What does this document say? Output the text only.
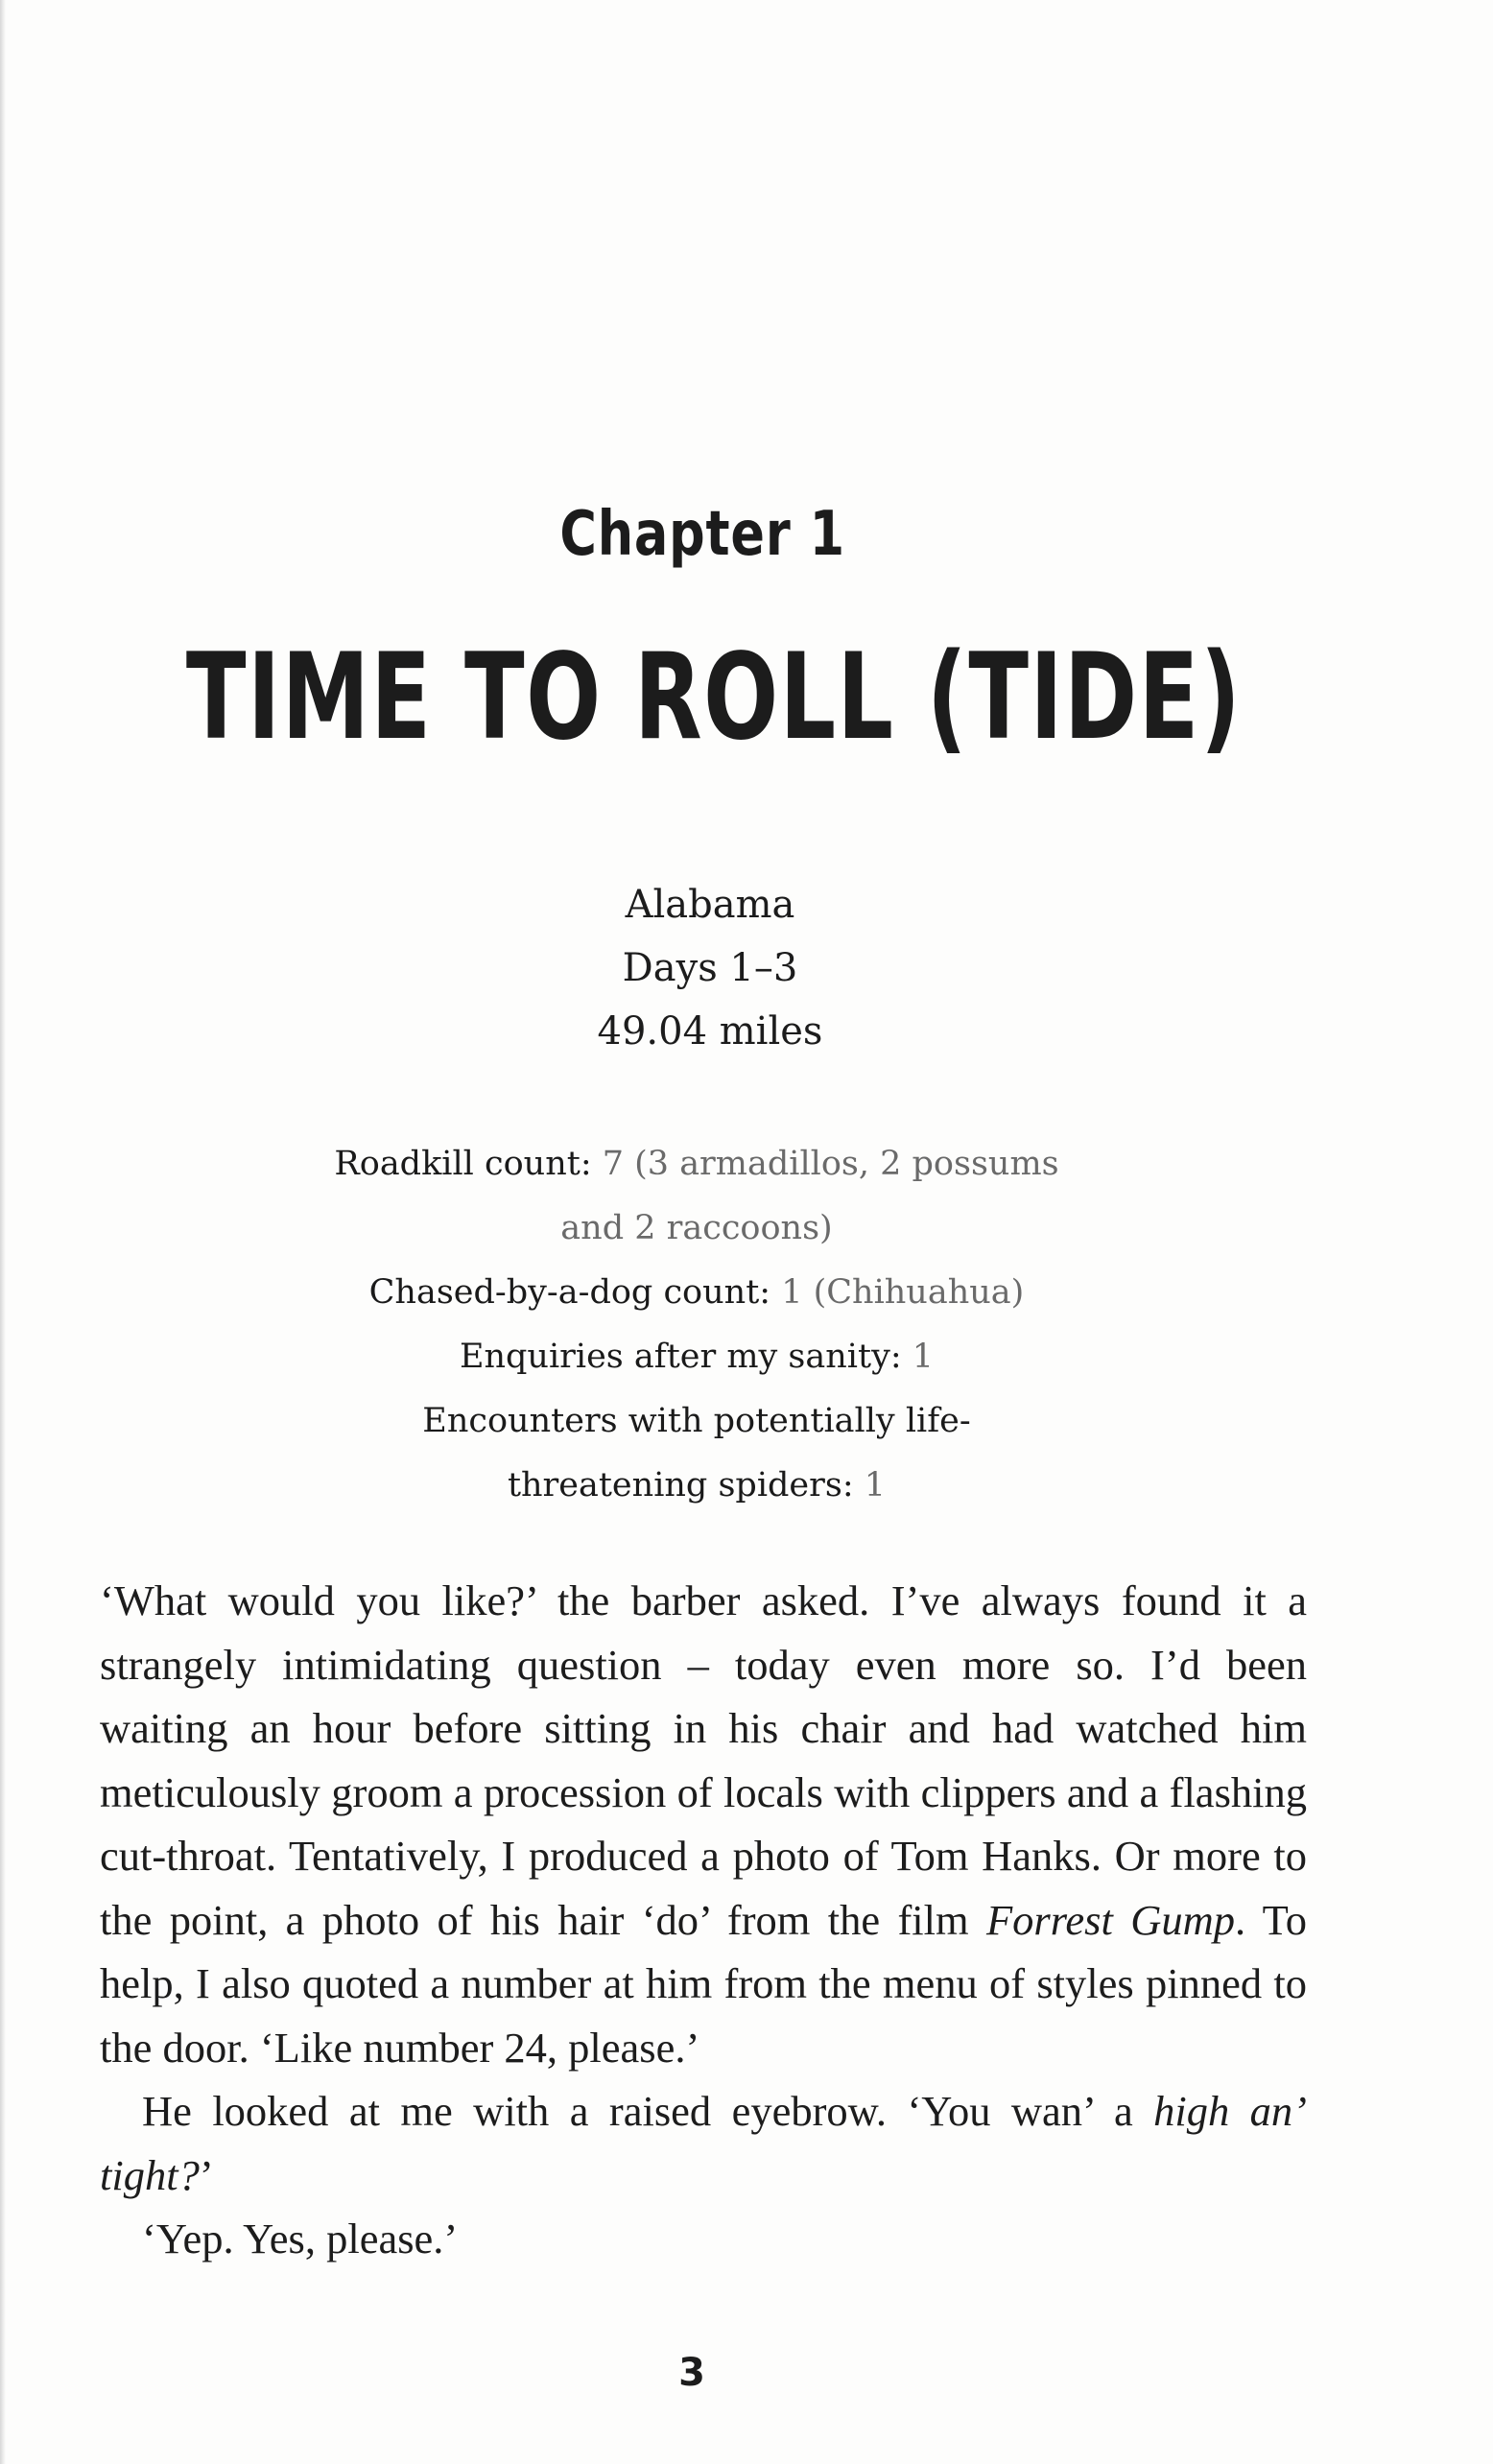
Chapter 1
TIME TO ROLL (TIDE)
Alabama
Days 1–3
49.04 miles
Roadkill count: 7 (3 armadillos, 2 possums
and 2 raccoons)
Chased-by-a-dog count: 1 (Chihuahua)
Enquiries after my sanity: 1
Encounters with potentially life-
threatening spiders: 1

‘What would you like?’ the barber asked. I’ve always found it a strangely intimidating question – today even more so. I’d been waiting an hour before sitting in his chair and had watched him meticulously groom a procession of locals with clippers and a flashing cut-throat. Tentatively, I produced a photo of Tom Hanks. Or more to the point, a photo of his hair ‘do’ from the film Forrest Gump. To help, I also quoted a number at him from the menu of styles pinned to the door. ‘Like number 24, please.’

He looked at me with a raised eyebrow. ‘You wan’ a high an’ tight?’

‘Yep. Yes, please.’

3
